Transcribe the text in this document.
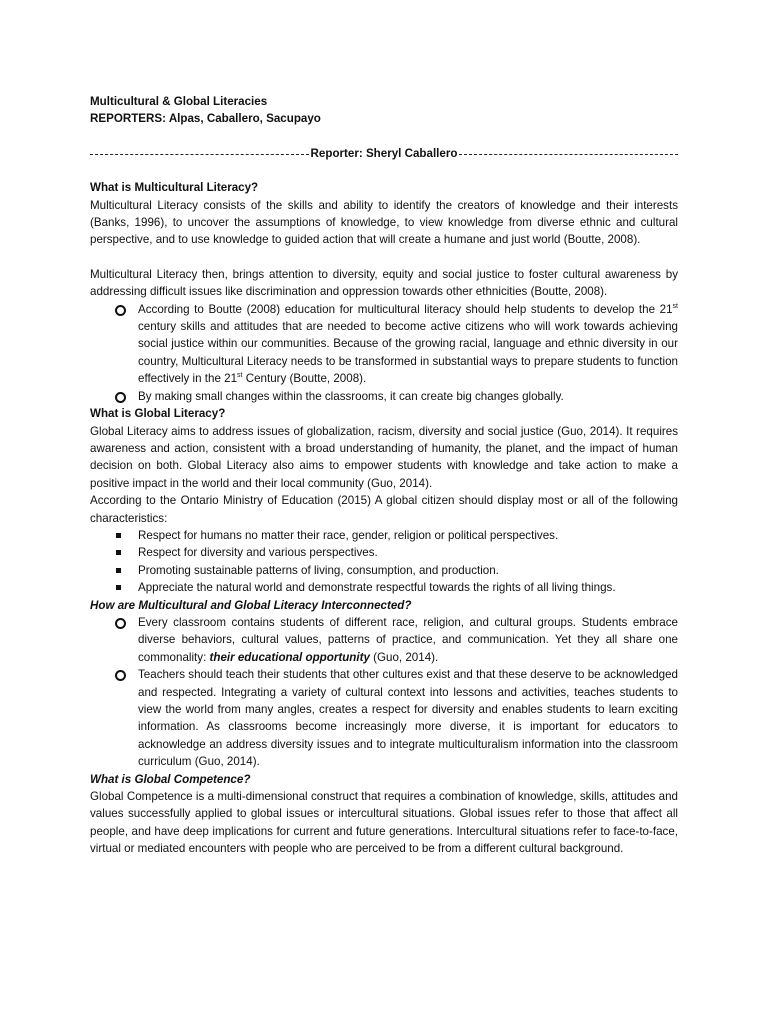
Multicultural & Global Literacies

REPORTERS: Alpas, Caballero, Sacupayo

Reporter: Sheryl Caballero

What is Multicultural Literacy?

Multicultural Literacy consists of the skills and ability to identify the creators of knowledge and their interests (Banks, 1996), to uncover the assumptions of knowledge, to view knowledge from diverse ethnic and cultural perspective, and to use knowledge to guided action that will create a humane and just world (Boutte, 2008).

Multicultural Literacy then, brings attention to diversity, equity and social justice to foster cultural awareness by addressing difficult issues like discrimination and oppression towards other ethnicities (Boutte, 2008).

According to Boutte (2008) education for multicultural literacy should help students to develop the 21st century skills and attitudes that are needed to become active citizens who will work towards achieving social justice within our communities. Because of the growing racial, language and ethnic diversity in our country, Multicultural Literacy needs to be transformed in substantial ways to prepare students to function effectively in the 21st Century (Boutte, 2008).
By making small changes within the classrooms, it can create big changes globally.

What is Global Literacy?

Global Literacy aims to address issues of globalization, racism, diversity and social justice (Guo, 2014). It requires awareness and action, consistent with a broad understanding of humanity, the planet, and the impact of human decision on both. Global Literacy also aims to empower students with knowledge and take action to make a positive impact in the world and their local community (Guo, 2014).

According to the Ontario Ministry of Education (2015) A global citizen should display most or all of the following characteristics:

Respect for humans no matter their race, gender, religion or political perspectives.
Respect for diversity and various perspectives.
Promoting sustainable patterns of living, consumption, and production.
Appreciate the natural world and demonstrate respectful towards the rights of all living things.

How are Multicultural and Global Literacy Interconnected?

Every classroom contains students of different race, religion, and cultural groups. Students embrace diverse behaviors, cultural values, patterns of practice, and communication. Yet they all share one commonality: their educational opportunity (Guo, 2014).
Teachers should teach their students that other cultures exist and that these deserve to be acknowledged and respected. Integrating a variety of cultural context into lessons and activities, teaches students to view the world from many angles, creates a respect for diversity and enables students to learn exciting information. As classrooms become increasingly more diverse, it is important for educators to acknowledge an address diversity issues and to integrate multiculturalism information into the classroom curriculum (Guo, 2014).

What is Global Competence?

Global Competence is a multi-dimensional construct that requires a combination of knowledge, skills, attitudes and values successfully applied to global issues or intercultural situations. Global issues refer to those that affect all people, and have deep implications for current and future generations. Intercultural situations refer to face-to-face, virtual or mediated encounters with people who are perceived to be from a different cultural background.
